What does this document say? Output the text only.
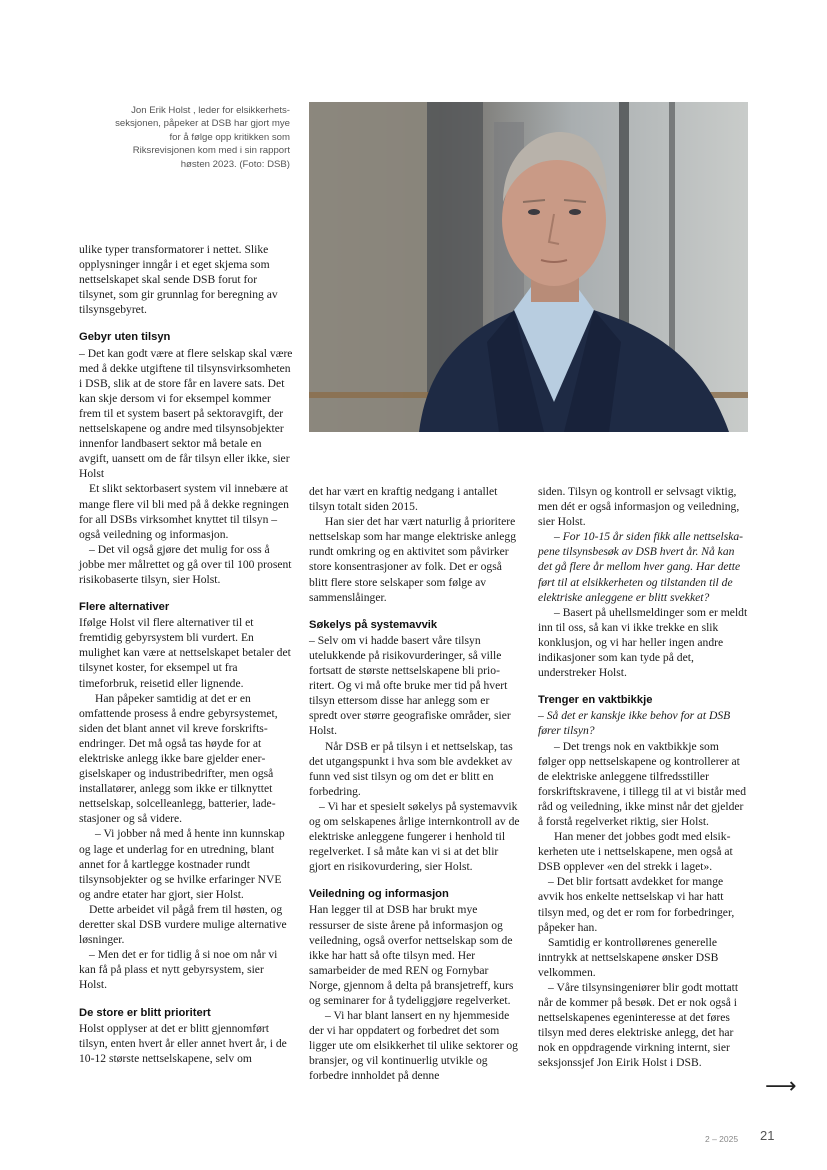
Jon Erik Holst , leder for elsikkerhets-seksjonen, påpeker at DSB har gjort mye for å følge opp kritikken som Riksrevisjonen kom med i sin rapport høsten 2023. (Foto: DSB)

ulike typer transformatorer i nettet. Slike opplysninger inngår i et eget skjema som nettselskapet skal sende DSB forut for tilsynet, som gir grunnlag for beregning av tilsynsgebyret.

Gebyr uten tilsyn

– Det kan godt være at flere selskap skal være med å dekke utgiftene til tilsynsvirksomheten i DSB, slik at de store får en lavere sats. Det kan skje dersom vi for eksempel kommer frem til et system basert på sektoravgift, der nettselskapene og andre med tilsynsobjekter innenfor landbasert sektor må betale en avgift, uansett om de får tilsyn eller ikke, sier Holst

Et slikt sektorbasert system vil innebære at mange flere vil bli med på å dekke regningen for all DSBs virksomhet knyttet til tilsyn – også veiledning og informasjon.

– Det vil også gjøre det mulig for oss å jobbe mer målrettet og gå over til 100 prosent risikobaserte tilsyn, sier Holst.

Flere alternativer

Ifølge Holst vil flere alternativer til et fremtidig gebyrsystem bli vurdert. En mulighet kan være at nettselskapet betaler det tilsynet koster, for eksempel ut fra timeforbruk, reisetid eller lignende.

Han påpeker samtidig at det er en omfattende prosess å endre gebyrsystemet, siden det blant annet vil kreve forskriftsendringer. Det må også tas høyde for at elektriske anlegg ikke bare gjelder energiselskaper og industribedrifter, men også installatører, anlegg som ikke er tilknyttet nettselskap, solcelleanlegg, batterier, ladestasjoner og så videre.

– Vi jobber nå med å hente inn kunnskap og lage et underlag for en utredning, blant annet for å kartlegge kostnader rundt tilsynsobjekter og se hvilke erfaringer NVE og andre etater har gjort, sier Holst.

Dette arbeidet vil pågå frem til høsten, og deretter skal DSB vurdere mulige alternative løsninger.

– Men det er for tidlig å si noe om når vi kan få på plass et nytt gebyrsystem, sier Holst.

De store er blitt prioritert

Holst opplyser at det er blitt gjennomført tilsyn, enten hvert år eller annet hvert år, i de 10-12 største nettselskapene, selv om

det har vært en kraftig nedgang i antallet tilsyn totalt siden 2015.

Han sier det har vært naturlig å prioritere nettselskap som har mange elektriske anlegg rundt omkring og en aktivitet som påvirker store konsentrasjoner av folk. Det er også blitt flere store selskaper som følge av sammenslåinger.

Søkelys på systemavvik

– Selv om vi hadde basert våre tilsyn utelukkende på risikovurderinger, så ville fortsatt de største nettselskapene bli prioritert. Og vi må ofte bruke mer tid på hvert tilsyn ettersom disse har anlegg som er spredt over større geografiske områder, sier Holst.

Når DSB er på tilsyn i et nettselskap, tas det utgangspunkt i hva som ble avdekket av funn ved sist tilsyn og om det er blitt en forbedring.

– Vi har et spesielt søkelys på systemavvik og om selskapenes årlige internkontroll av de elektriske anleggene fungerer i henhold til regelverket. I så måte kan vi si at det blir gjort en risikovurdering, sier Holst.

Veiledning og informasjon

Han legger til at DSB har brukt mye ressurser de siste årene på informasjon og veiledning, også overfor nettselskap som de ikke har hatt så ofte tilsyn med. Her samarbeider de med REN og Fornybar Norge, gjennom å delta på bransjetreff, kurs og seminarer for å tydeliggjøre regelverket.

– Vi har blant lansert en ny hjemmeside der vi har oppdatert og forbedret det som ligger ute om elsikkerhet til ulike sektorer og bransjer, og vil kontinuerlig utvikle og forbedre innholdet på denne

siden. Tilsyn og kontroll er selvsagt viktig, men dét er også informasjon og veiledning, sier Holst.

– For 10-15 år siden fikk alle nettselskapene tilsynsbesøk av DSB hvert år. Nå kan det gå flere år mellom hver gang. Har dette ført til at elsikkerheten og tilstanden til de elektriske anleggene er blitt svekket?

– Basert på uhellsmeldinger som er meldt inn til oss, så kan vi ikke trekke en slik konklusjon, og vi har heller ingen andre indikasjoner som kan tyde på det, understreker Holst.

Trenger en vaktbikkje

– Så det er kanskje ikke behov for at DSB fører tilsyn?

– Det trengs nok en vaktbikkje som følger opp nettselskapene og kontrollerer at de elektriske anleggene tilfredsstiller forskriftskravene, i tillegg til at vi bistår med råd og veiledning, ikke minst når det gjelder å forstå regelverket riktig, sier Holst.

Han mener det jobbes godt med elsikkerheten ute i nettselskapene, men også at DSB opplever «en del strekk i laget».

– Det blir fortsatt avdekket for mange avvik hos enkelte nettselskap vi har hatt tilsyn med, og det er rom for forbedringer, påpeker han.

Samtidig er kontrollørenes generelle inntrykk at nettselskapene ønsker DSB velkommen.

– Våre tilsynsingeniører blir godt mottatt når de kommer på besøk. Det er nok også i nettselskapenes egeninteresse at det føres tilsyn med deres elektriske anlegg, det har nok en oppdragende virkning internt, sier seksjonssjef Jon Eirik Holst i DSB.

⟶
2 – 2025 21
